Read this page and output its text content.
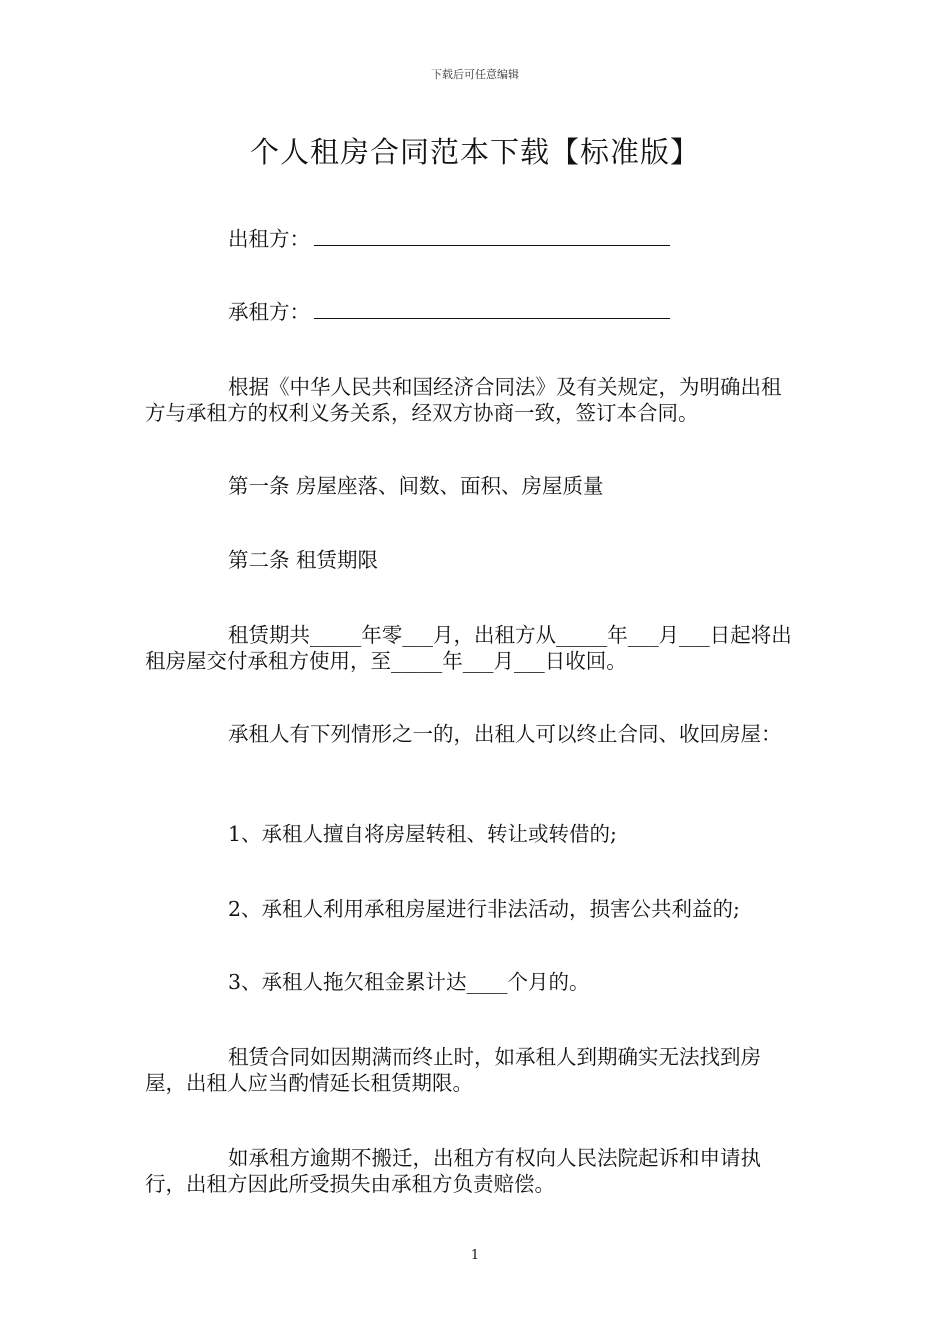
下载后可任意编辑
个人租房合同范本下载【标准版】
出租方：
承租方：
根据《中华人民共和国经济合同法》及有关规定，为明确出租方与承租方的权利义务关系，经双方协商一致，签订本合同。
第一条 房屋座落、间数、面积、房屋质量
第二条 租赁期限
租赁期共_____年零___月，出租方从_____年___月___日起将出租房屋交付承租方使用，至_____年___月___日收回。
承租人有下列情形之一的，出租人可以终止合同、收回房屋：
1、承租人擅自将房屋转租、转让或转借的;
2、承租人利用承租房屋进行非法活动，损害公共利益的;
3、承租人拖欠租金累计达____个月的。
租赁合同如因期满而终止时，如承租人到期确实无法找到房屋，出租人应当酌情延长租赁期限。
如承租方逾期不搬迁，出租方有权向人民法院起诉和申请执行，出租方因此所受损失由承租方负责赔偿。
1
